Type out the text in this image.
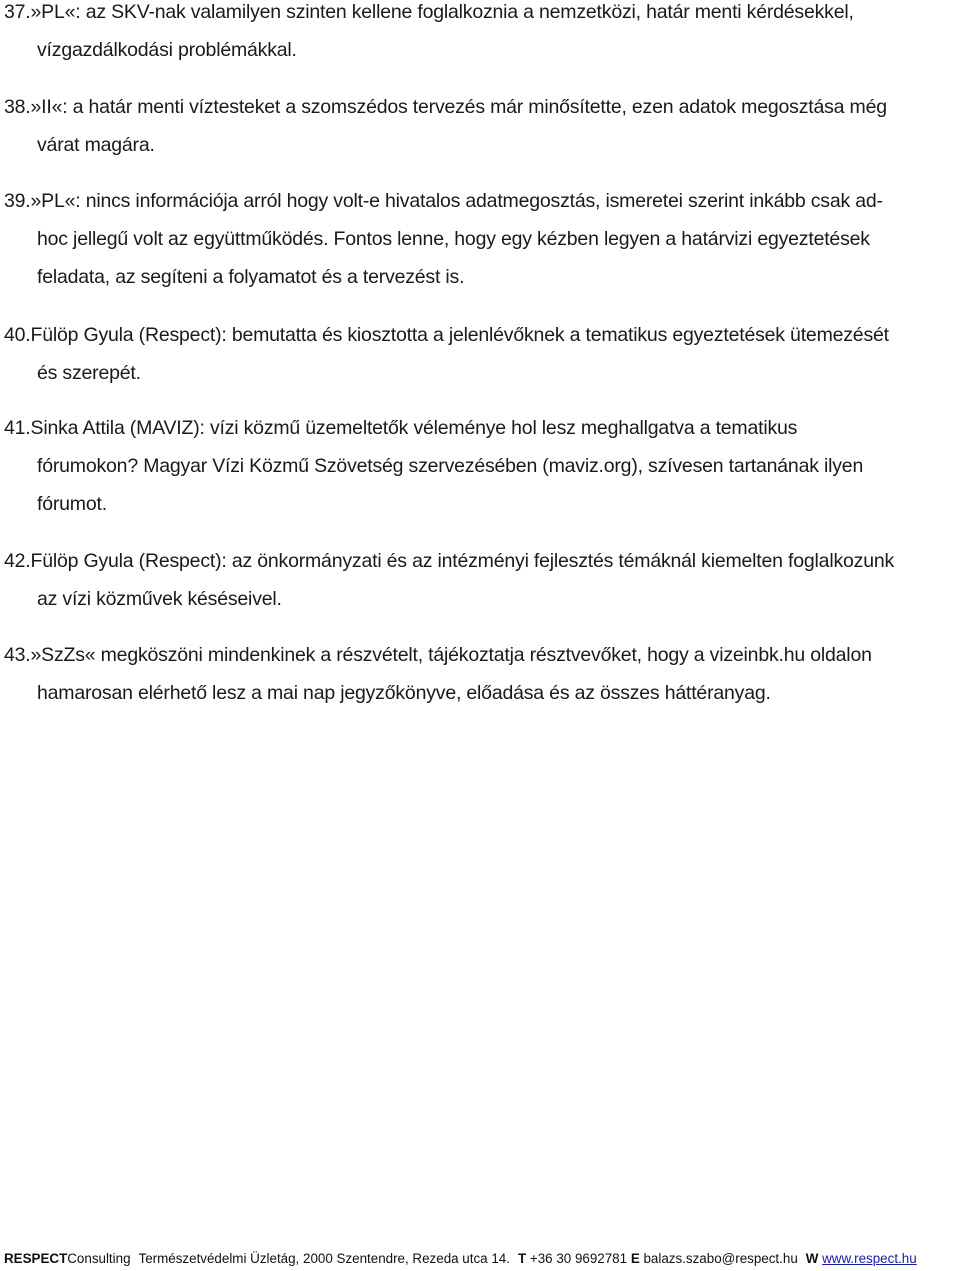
37.»PL«: az SKV-nak valamilyen szinten kellene foglalkoznia a nemzetközi, határ menti kérdésekkel,
vízgazdálkodási problémákkal.
38.»II«: a határ menti víztesteket a szomszédos tervezés már minősítette, ezen adatok megosztása még
várat magára.
39.»PL«: nincs információja arról hogy volt-e hivatalos adatmegosztás, ismeretei szerint inkább csak ad-
hoc jellegű volt az együttműködés. Fontos lenne, hogy egy kézben legyen a határvizi egyeztetések
feladata, az segíteni a folyamatot és a tervezést is.
40.Fülöp Gyula (Respect): bemutatta és kiosztotta a jelenlévőknek a tematikus egyeztetések ütemezését
és szerepét.
41.Sinka Attila (MAVIZ): vízi közmű üzemeltetők véleménye hol lesz meghallgatva a tematikus
fórumokon? Magyar Vízi Közmű Szövetség szervezésében (maviz.org), szívesen tartanának ilyen
fórumot.
42.Fülöp Gyula (Respect): az önkormányzati és az intézményi fejlesztés témáknál kiemelten foglalkozunk
az vízi közművek késéseivel.
43.»SzZs« megköszöni mindenkinek a részvételt, tájékoztatja résztvevőket, hogy a vizeinbk.hu oldalon
hamarosan elérhető lesz a mai nap jegyzőkönyve, előadása és az összes háttéranyag.
RESPECTConsulting Természetvédelmi Üzletág, 2000 Szentendre, Rezeda utca 14. T +36 30 9692781 E balazs.szabo@respect.hu W www.respect.hu
